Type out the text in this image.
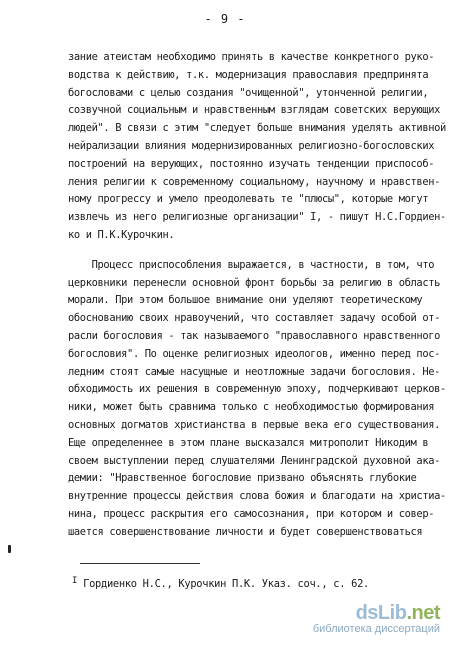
- 9 -
зание атеистам необходимо принять в качестве конкретного руко-
водства к действию, т.к. модернизация православия предпринята
богословами с целью создания "очищенной", утонченной религии,
созвучной социальным и нравственным взглядам советских верующих
людей". В связи с этим "следует больше внимания уделять активной
нейрализации влияния модернизированных религиозно-богословских
построений на верующих, постоянно изучать тенденции приспособ-
ления религии к современному социальному, научному и нравствен-
ному прогрессу и умело преодолевать те "плюсы", которые могут
извлечь из него религиозные организации" I, - пишут Н.С.Гордиен-
ко и П.К.Курочкин.
Процесс приспособления выражается, в частности, в том, что
церковники перенесли основной фронт борьбы за религию в область
морали. При этом большое внимание они уделяют теоретическому
обоснованию своих нравоучений, что составляет задачу особой от-
расли богословия - так называемого "православного нравственного
богословия". По оценке религиозных идеологов, именно перед пос-
ледним стоят самые насущные и неотложные задачи богословия. Не-
обходимость их решения в современную эпоху, подчеркивают церков-
ники, может быть сравнима только с необходимостью формирования
основных догматов христианства в первые века его существования.
Еще определеннее в этом плане высказался митрополит Никодим в
своем выступлении перед слушателями Ленинградской духовной ака-
демии: "Нравственное богословие призвано объяснять глубокие
внутренние процессы действия слова божия и благодати на христиа-
нина, процесс раскрытия его самосознания, при котором и совер-
шается совершенствование личности и будет совершенствоваться
I Гордиенко Н.С., Курочкин П.К. Указ. соч., с. 62.
dsLib.net
библиотека диссертаций
